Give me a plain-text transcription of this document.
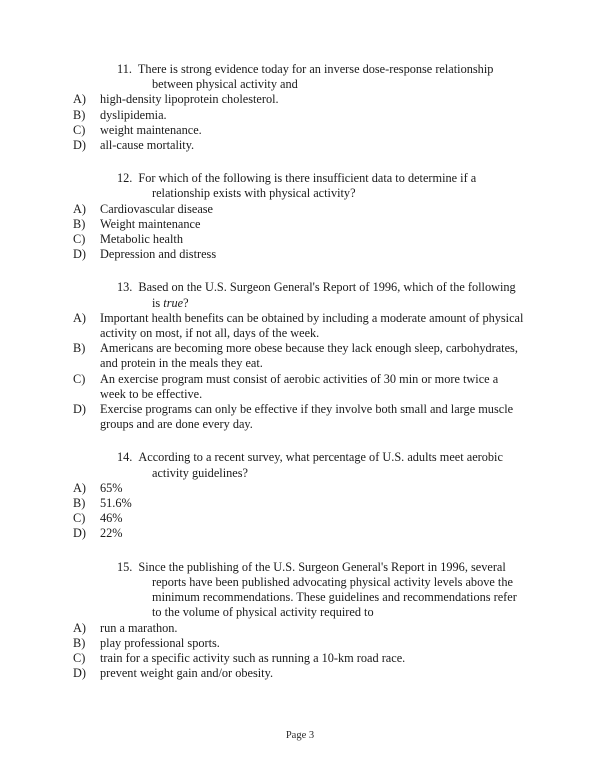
11. There is strong evidence today for an inverse dose-response relationship between physical activity and
A)	high-density lipoprotein cholesterol.
B)	dyslipidemia.
C)	weight maintenance.
D)	all-cause mortality.
12. For which of the following is there insufficient data to determine if a relationship exists with physical activity?
A)	Cardiovascular disease
B)	Weight maintenance
C)	Metabolic health
D)	Depression and distress
13. Based on the U.S. Surgeon General's Report of 1996, which of the following is true?
A)	Important health benefits can be obtained by including a moderate amount of physical activity on most, if not all, days of the week.
B)	Americans are becoming more obese because they lack enough sleep, carbohydrates, and protein in the meals they eat.
C)	An exercise program must consist of aerobic activities of 30 min or more twice a week to be effective.
D)	Exercise programs can only be effective if they involve both small and large muscle groups and are done every day.
14. According to a recent survey, what percentage of U.S. adults meet aerobic activity guidelines?
A)	65%
B)	51.6%
C)	46%
D)	22%
15. Since the publishing of the U.S. Surgeon General's Report in 1996, several reports have been published advocating physical activity levels above the minimum recommendations. These guidelines and recommendations refer to the volume of physical activity required to
A)	run a marathon.
B)	play professional sports.
C)	train for a specific activity such as running a 10-km road race.
D)	prevent weight gain and/or obesity.
Page 3
